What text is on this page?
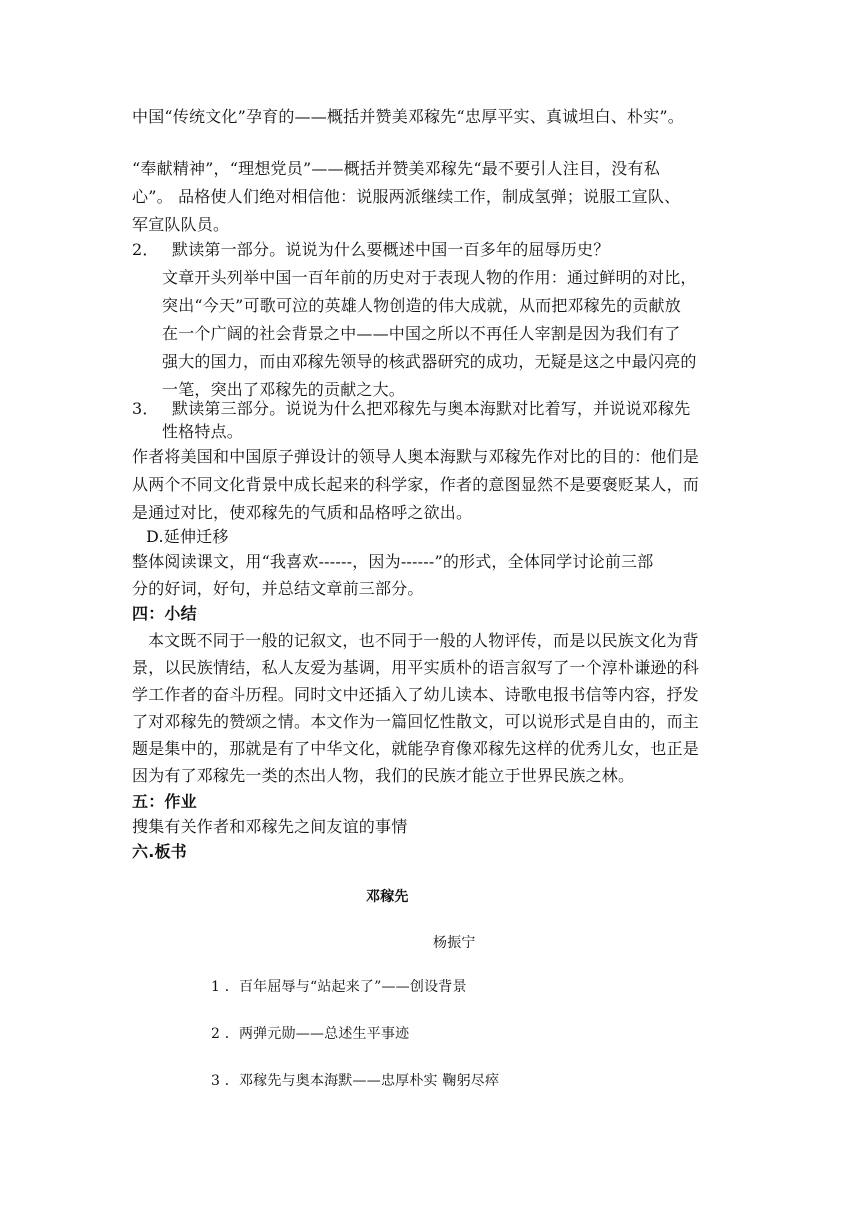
中国“传统文化”孕育的——概括并赞美邓稼先“忠厚平实、真诚坦白、朴实”。
“奉献精神”，“理想党员”——概括并赞美邓稼先“最不要引人注目，没有私
心”。 品格使人们绝对相信他：说服两派继续工作，制成氢弹；说服工宣队、
军宣队队员。
2． 默读第一部分。说说为什么要概述中国一百多年的屈辱历史？
文章开头列举中国一百年前的历史对于表现人物的作用：通过鲜明的对比，
突出“今天”可歌可泣的英雄人物创造的伟大成就，从而把邓稼先的贡献放
在一个广阔的社会背景之中——中国之所以不再任人宰割是因为我们有了
强大的国力，而由邓稼先领导的核武器研究的成功，无疑是这之中最闪亮的
一笔，突出了邓稼先的贡献之大。
3． 默读第三部分。说说为什么把邓稼先与奥本海默对比着写，并说说邓稼先
性格特点。
作者将美国和中国原子弹设计的领导人奥本海默与邓稼先作对比的目的：他们是
从两个不同文化背景中成长起来的科学家，作者的意图显然不是要褒贬某人，而
是通过对比，使邓稼先的气质和品格呼之欲出。
D.延伸迁移
整体阅读课文，用“我喜欢------，因为------”的形式，全体同学讨论前三部
分的好词，好句，并总结文章前三部分。
四：小结
本文既不同于一般的记叙文，也不同于一般的人物评传，而是以民族文化为背
景，以民族情结，私人友爱为基调，用平实质朴的语言叙写了一个淳朴谦逊的科
学工作者的奋斗历程。同时文中还插入了幼儿读本、诗歌电报书信等内容，抒发
了对邓稼先的赞颂之情。本文作为一篇回忆性散文，可以说形式是自由的，而主
题是集中的，那就是有了中华文化，就能孕育像邓稼先这样的优秀儿女，也正是
因为有了邓稼先一类的杰出人物，我们的民族才能立于世界民族之林。
五：作业
搜集有关作者和邓稼先之间友谊的事情
六.板书
邓稼先
杨振宁
1 ．百年屈辱与“站起来了”——创设背景
2 ．两弹元勋——总述生平事迹
3 ．邓稼先与奥本海默——忠厚朴实 鞠躬尽瘁
